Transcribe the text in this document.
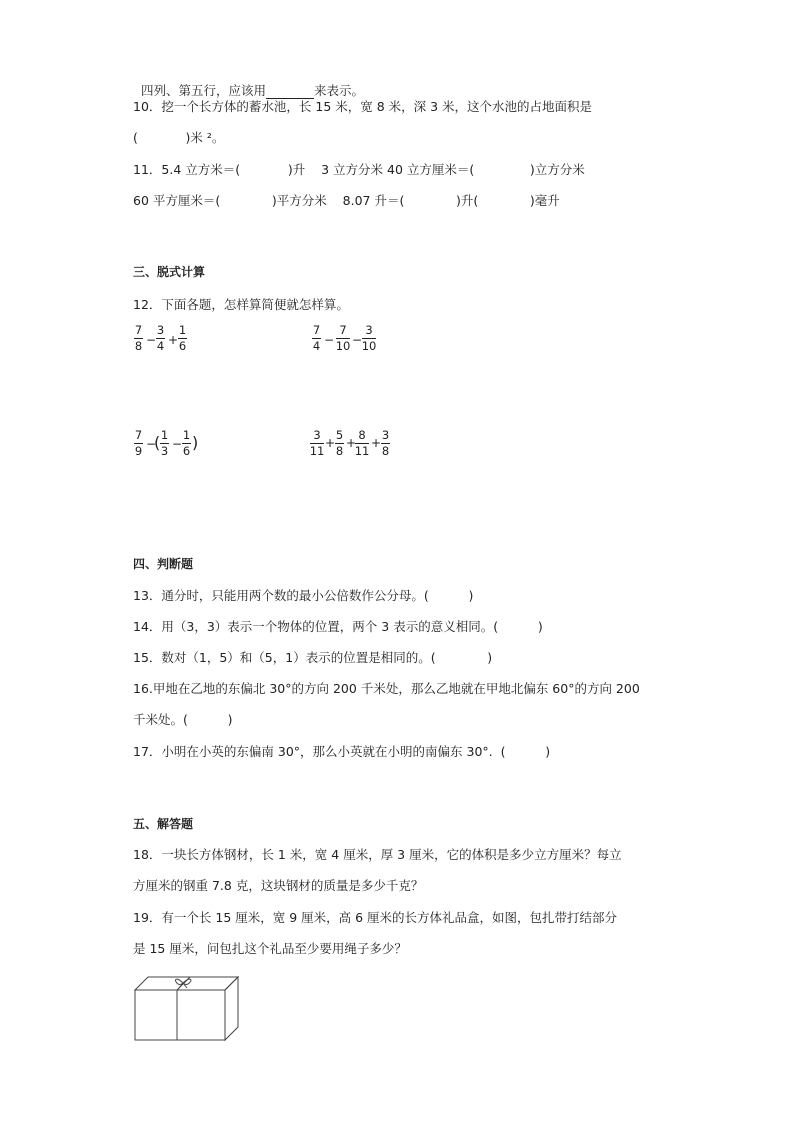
四列、第五行，应该用	来表示。

10．挖一个长方体的蓄水池，长 15 米，宽 8 米，深 3 米，这个水池的占地面积是
(            )米 ²。
11．5.4 立方米＝(            )升    3 立方分米 40 立方厘米＝(              )立方分米
60 平方厘米＝(             )平方分米    8.07 升＝(             )升(             )毫升
三、脱式计算
12．下面各题，怎样算简便就怎样算。
7
8 −
3
4 +
1
6
7
4 −
7
10 −
3
10
7
9 −
( 1
3 −
1
6 )	3
11
+
5
8
+
8
11
+
3
8
四、判断题
13．通分时，只能用两个数的最小公倍数作公分母。(          )
14．用（3，3）表示一个物体的位置，两个 3 表示的意义相同。(          )
15．数对（1，5）和（5，1）表示的位置是相同的。(             )
16.甲地在乙地的东偏北 30°的方向 200 千米处，那么乙地就在甲地北偏东 60°的方向 200
千米处。(          )
17．小明在小英的东偏南 30°，那么小英就在小明的南偏东 30°.  (          )
五、解答题
18．一块长方体钢材，长 1 米，宽 4 厘米，厚 3 厘米，它的体积是多少立方厘米？每立
方厘米的钢重 7.8 克，这块钢材的质量是多少千克？
19．有一个长 15 厘米，宽 9 厘米，高 6 厘米的长方体礼品盒，如图，包扎带打结部分
是 15 厘米，问包扎这个礼品至少要用绳子多少？
